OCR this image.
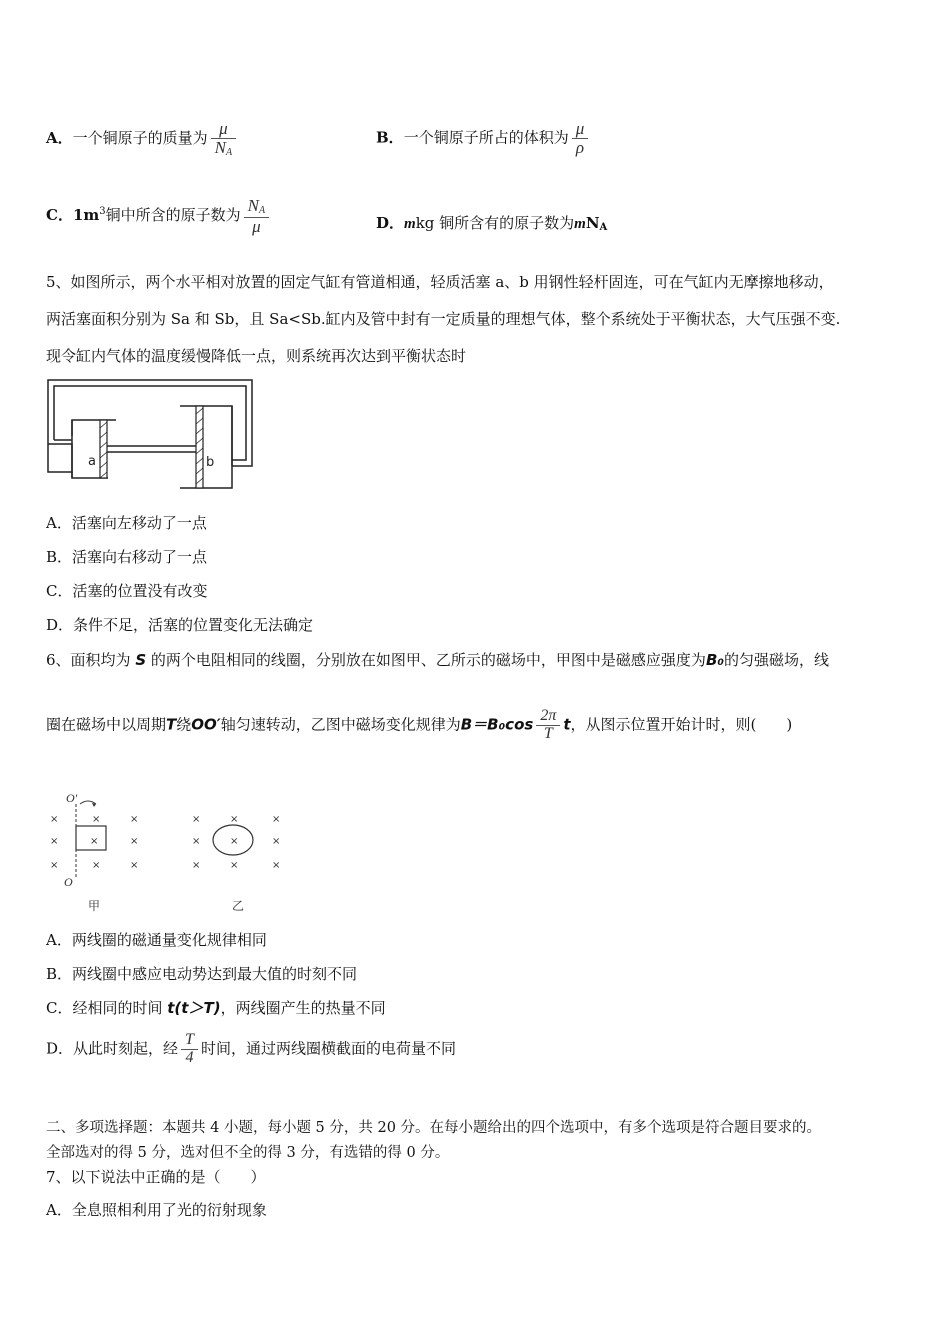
A．一个铜原子的质量为 $\frac{\mu}{N_A}$	B．一个铜原子所占的体积为 $\frac{\mu}{\rho}$
C．$1m^3$铜中所含的原子数为 $\frac{N_A}{\mu}$	D．mkg 铜所含有的原子数为$mN_A$
5、如图所示，两个水平相对放置的固定气缸有管道相通，轻质活塞 a、b 用钢性轻杆固连，可在气缸内无摩擦地移动，
两活塞面积分别为 Sa 和 Sb，且 Sa<Sb.缸内及管中封有一定质量的理想气体，整个系统处于平衡状态，大气压强不变.
现令缸内气体的温度缓慢降低一点，则系统再次达到平衡状态时
a	b
A．活塞向左移动了一点
B．活塞向右移动了一点
C．活塞的位置没有改变
D．条件不足，活塞的位置变化无法确定
6、面积均为 S 的两个电阻相同的线圈，分别放在如图甲、乙所示的磁场中，甲图中是磁感应强度为B₀的匀强磁场，线
圈在磁场中以周期T绕OO′轴匀速转动，乙图中磁场变化规律为$B=B_0\cos \frac{2\pi}{T}$ t，从图示位置开始计时，则(　　)
×	×	×
×	×	×
×	×	×
O′
O
甲
×	×	×
×	×	×
×	×	×
乙
A．两线圈的磁通量变化规律相同
B．两线圈中感应电动势达到最大值的时刻不同
C．经相同的时间 t(t＞T)，两线圈产生的热量不同
D．从此时刻起，经 $\frac{T}{4}$ 时间，通过两线圈横截面的电荷量不同
二、多项选择题：本题共 4 小题，每小题 5 分，共 20 分。在每小题给出的四个选项中，有多个选项是符合题目要求的。
全部选对的得 5 分，选对但不全的得 3 分，有选错的得 0 分。
7、以下说法中正确的是（　　）
A．全息照相利用了光的衍射现象
